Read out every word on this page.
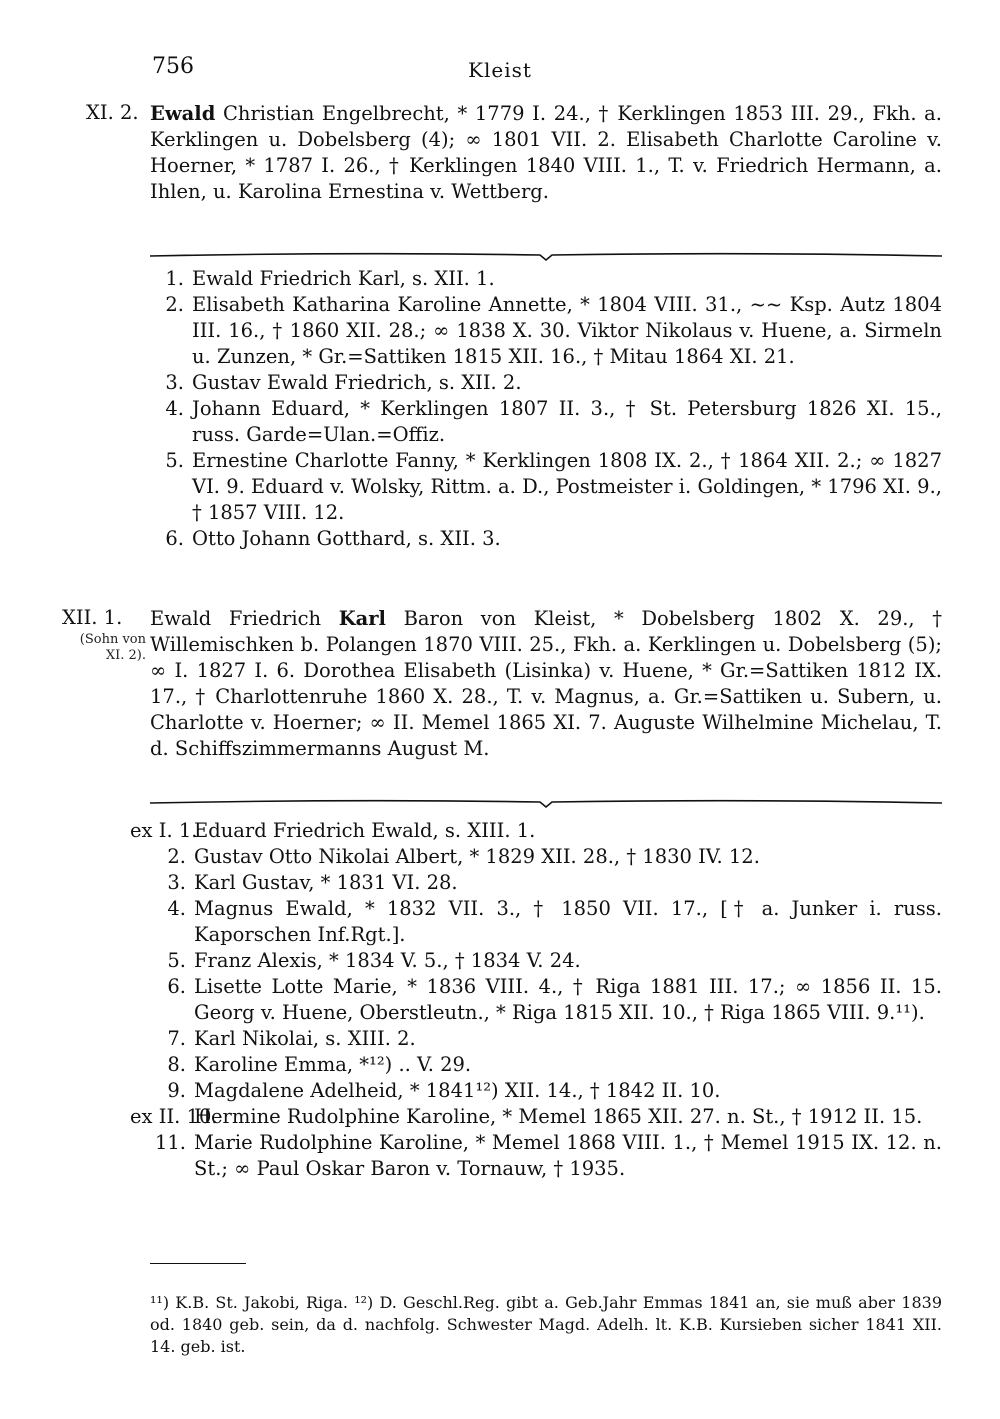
756	Kleist
XI. 2. Ewald Christian Engelbrecht, * 1779 I. 24., † Kerklingen 1853 III. 29., Fkh. a. Kerklingen u. Dobelsberg (4); ∞ 1801 VII. 2. Elisabeth Charlotte Caroline v. Hoerner, * 1787 I. 26., † Kerklingen 1840 VIII. 1., T. v. Friedrich Hermann, a. Ihlen, u. Karolina Ernestina v. Wettberg.
1. Ewald Friedrich Karl, s. XII. 1.
2. Elisabeth Katharina Karoline Annette, * 1804 VIII. 31., ~~ Ksp. Autz 1804 III. 16., † 1860 XII. 28.; ∞ 1838 X. 30. Viktor Nikolaus v. Huene, a. Sirmeln u. Zunzen, * Gr.=Sattiken 1815 XII. 16., † Mitau 1864 XI. 21.
3. Gustav Ewald Friedrich, s. XII. 2.
4. Johann Eduard, * Kerklingen 1807 II. 3., † St. Petersburg 1826 XI. 15., russ. Garde=Ulan.=Offiz.
5. Ernestine Charlotte Fanny, * Kerklingen 1808 IX. 2., † 1864 XII. 2.; ∞ 1827 VI. 9. Eduard v. Wolsky, Rittm. a. D., Postmeister i. Goldingen, * 1796 XI. 9., † 1857 VIII. 12.
6. Otto Johann Gotthard, s. XII. 3.
XII. 1.
(Sohn von XI. 2).
Ewald Friedrich Karl Baron von Kleist, * Dobelsberg 1802 X. 29., † Willemischken b. Polangen 1870 VIII. 25., Fkh. a. Kerklingen u. Dobelsberg (5); ∞ I. 1827 I. 6. Dorothea Elisabeth (Lisinka) v. Huene, * Gr.=Sattiken 1812 IX. 17., † Charlottenruhe 1860 X. 28., T. v. Magnus, a. Gr.=Sattiken u. Subern, u. Charlotte v. Hoerner; ∞ II. Memel 1865 XI. 7. Auguste Wilhelmine Michelau, T. d. Schiffszimmermanns August M.
ex I. 1.
Eduard Friedrich Ewald, s. XIII. 1.
2. Gustav Otto Nikolai Albert, * 1829 XII. 28., † 1830 IV. 12.
3. Karl Gustav, * 1831 VI. 28.
4. Magnus Ewald, * 1832 VII. 3., † 1850 VII. 17., [† a. Junker i. russ. Kaporschen Inf.Rgt.].
5. Franz Alexis, * 1834 V. 5., † 1834 V. 24.
6. Lisette Lotte Marie, * 1836 VIII. 4., † Riga 1881 III. 17.; ∞ 1856 II. 15. Georg v. Huene, Oberstleutn., * Riga 1815 XII. 10., † Riga 1865 VIII. 9.¹¹).
7. Karl Nikolai, s. XIII. 2.
8. Karoline Emma, *¹²) .. V. 29.
9. Magdalene Adelheid, * 1841¹²) XII. 14., † 1842 II. 10.
ex II. 10.
Hermine Rudolphine Karoline, * Memel 1865 XII. 27. n. St., † 1912 II. 15.
11. Marie Rudolphine Karoline, * Memel 1868 VIII. 1., † Memel 1915 IX. 12. n. St.; ∞ Paul Oskar Baron v. Tornauw, † 1935.
¹¹) K.B. St. Jakobi, Riga. ¹²) D. Geschl.Reg. gibt a. Geb.Jahr Emmas 1841 an, sie muß aber 1839 od. 1840 geb. sein, da d. nachfolg. Schwester Magd. Adelh. lt. K.B. Kursieben sicher 1841 XII. 14. geb. ist.
